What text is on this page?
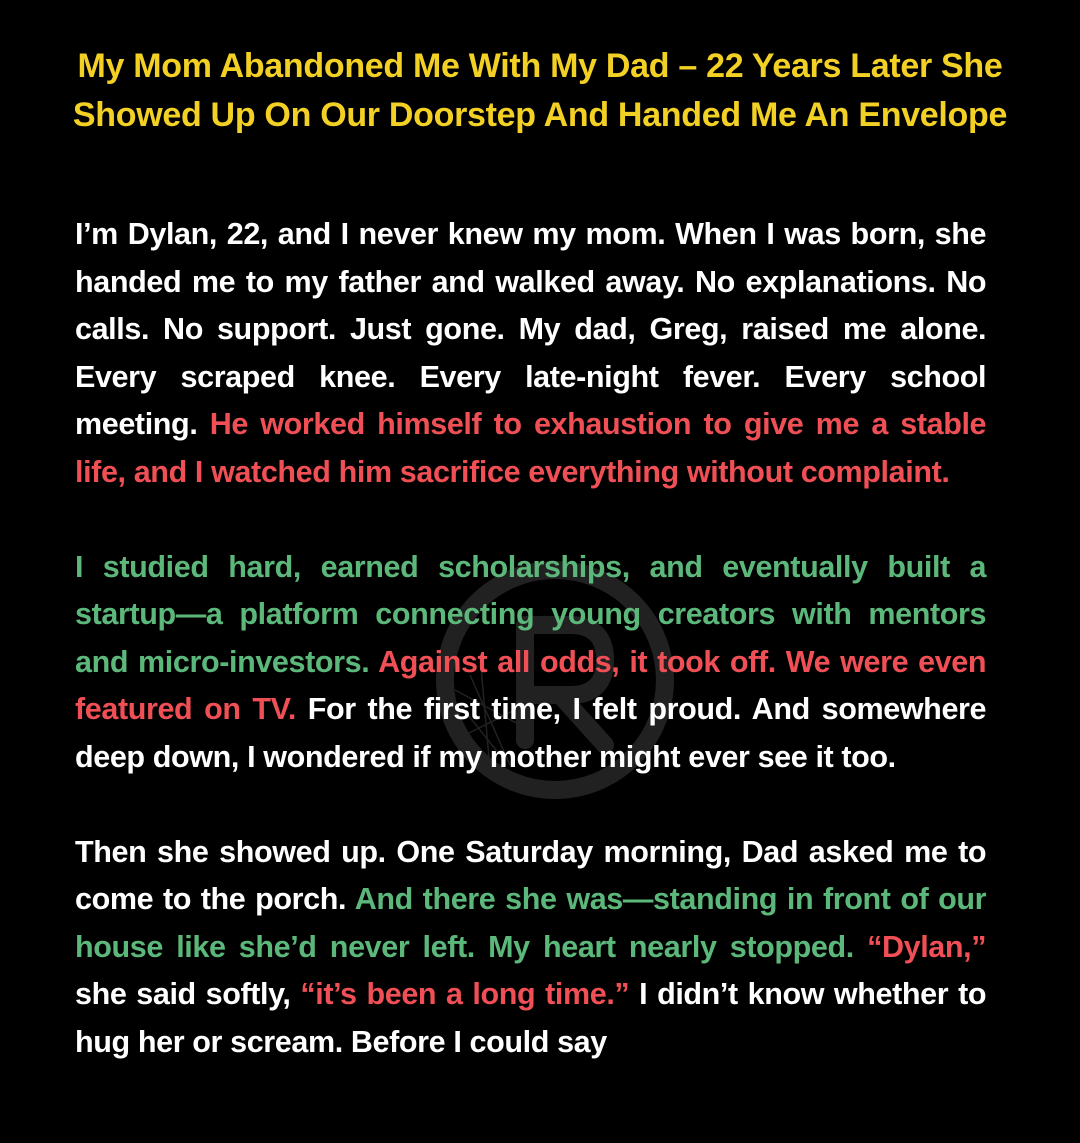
My Mom Abandoned Me With My Dad – 22 Years Later She Showed Up On Our Doorstep And Handed Me An Envelope

I’m Dylan, 22, and I never knew my mom. When I was born, she handed me to my father and walked away. No explanations. No calls. No support. Just gone. My dad, Greg, raised me alone. Every scraped knee. Every late-night fever. Every school meeting. He worked himself to exhaustion to give me a stable life, and I watched him sacrifice everything without complaint.

I studied hard, earned scholarships, and eventually built a startup—a platform connecting young creators with mentors and micro-investors. Against all odds, it took off. We were even featured on TV. For the first time, I felt proud. And somewhere deep down, I wondered if my mother might ever see it too.

Then she showed up. One Saturday morning, Dad asked me to come to the porch. And there she was—standing in front of our house like she’d never left. My heart nearly stopped. “Dylan,” she said softly, “it’s been a long time.” I didn’t know whether to hug her or scream. Before I could say
